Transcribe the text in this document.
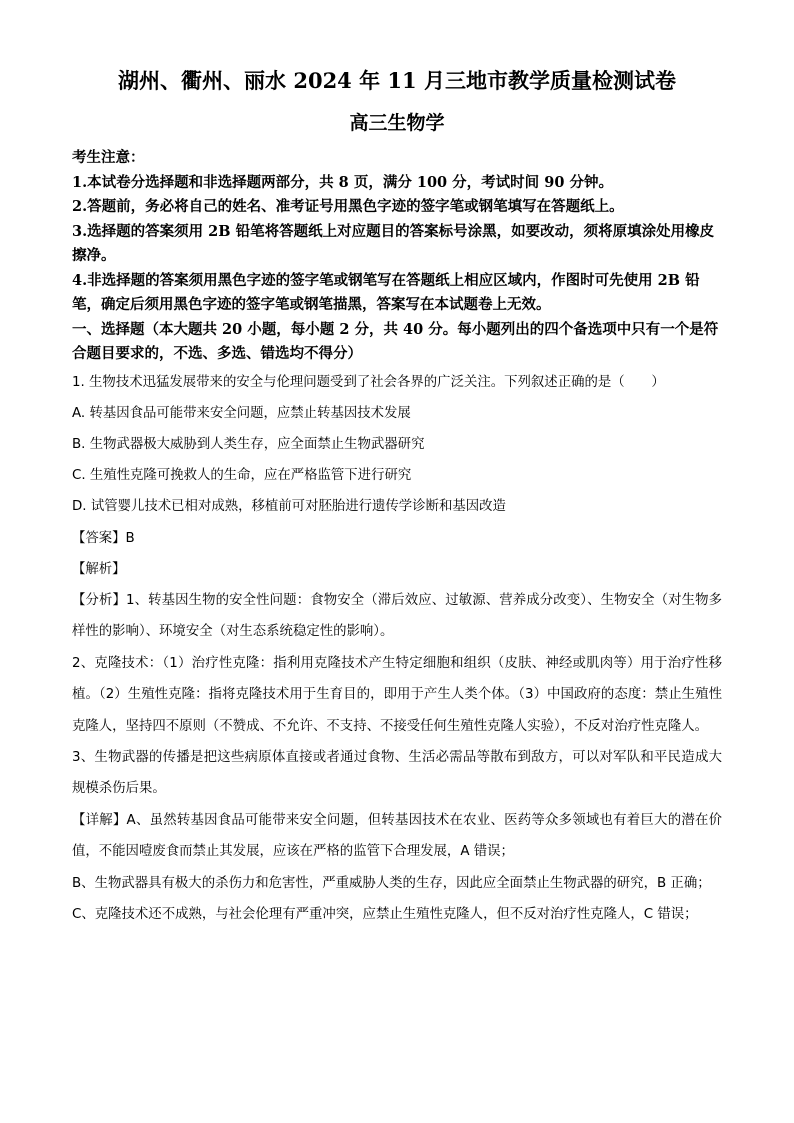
湖州、衢州、丽水 2024 年 11 月三地市教学质量检测试卷
高三生物学

考生注意：

1.本试卷分选择题和非选择题两部分，共 8 页，满分 100 分，考试时间 90 分钟。

2.答题前，务必将自己的姓名、准考证号用黑色字迹的签字笔或钢笔填写在答题纸上。

3.选择题的答案须用 2B 铅笔将答题纸上对应题目的答案标号涂黑，如要改动，须将原填涂处用橡皮擦净。

4.非选择题的答案须用黑色字迹的签字笔或钢笔写在答题纸上相应区域内，作图时可先使用 2B 铅笔，确定后须用黑色字迹的签字笔或钢笔描黑，答案写在本试题卷上无效。

一、选择题（本大题共 20 小题，每小题 2 分，共 40 分。每小题列出的四个备选项中只有一个是符合题目要求的，不选、多选、错选均不得分）

1. 生物技术迅猛发展带来的安全与伦理问题受到了社会各界的广泛关注。下列叙述正确的是（　　）

A. 转基因食品可能带来安全问题，应禁止转基因技术发展

B. 生物武器极大威胁到人类生存，应全面禁止生物武器研究

C. 生殖性克隆可挽救人的生命，应在严格监管下进行研究

D. 试管婴儿技术已相对成熟，移植前可对胚胎进行遗传学诊断和基因改造

【答案】B

【解析】

【分析】1、转基因生物的安全性问题：食物安全（滞后效应、过敏源、营养成分改变）、生物安全（对生物多样性的影响）、环境安全（对生态系统稳定性的影响）。

2、克隆技术：（1）治疗性克隆：指利用克隆技术产生特定细胞和组织（皮肤、神经或肌肉等）用于治疗性移植。（2）生殖性克隆：指将克隆技术用于生育目的，即用于产生人类个体。（3）中国政府的态度：禁止生殖性克隆人，坚持四不原则（不赞成、不允许、不支持、不接受任何生殖性克隆人实验），不反对治疗性克隆人。

3、生物武器的传播是把这些病原体直接或者通过食物、生活必需品等散布到敌方，可以对军队和平民造成大规模杀伤后果。

【详解】A、虽然转基因食品可能带来安全问题，但转基因技术在农业、医药等众多领域也有着巨大的潜在价值，不能因噎废食而禁止其发展，应该在严格的监管下合理发展，A 错误；

B、生物武器具有极大的杀伤力和危害性，严重威胁人类的生存，因此应全面禁止生物武器的研究，B 正确；

C、克隆技术还不成熟，与社会伦理有严重冲突，应禁止生殖性克隆人，但不反对治疗性克隆人，C 错误；
